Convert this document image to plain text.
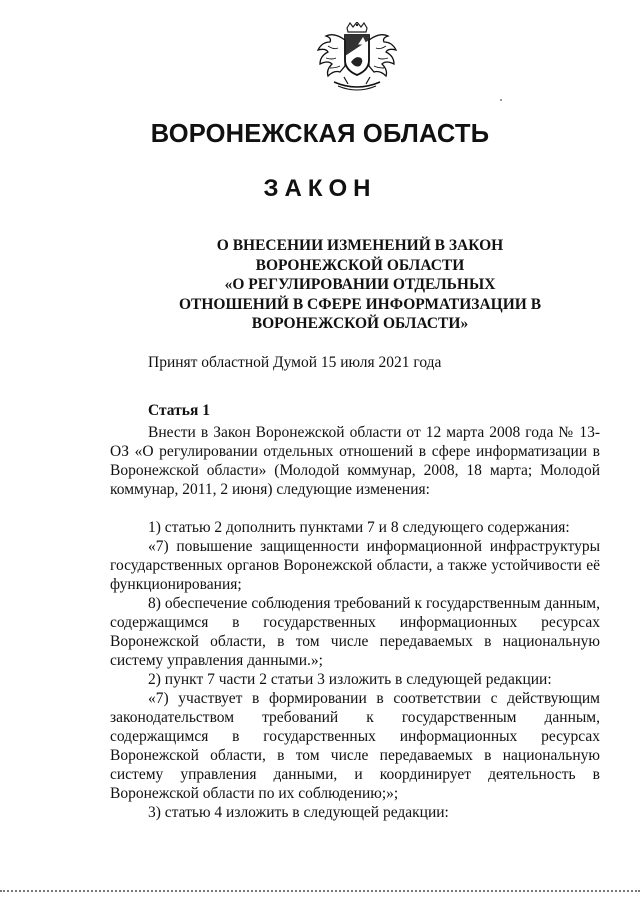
ВОРОНЕЖСКАЯ ОБЛАСТЬ
ЗАКОН
О ВНЕСЕНИИ ИЗМЕНЕНИЙ В ЗАКОН
ВОРОНЕЖСКОЙ ОБЛАСТИ
«О РЕГУЛИРОВАНИИ ОТДЕЛЬНЫХ
ОТНОШЕНИЙ В СФЕРЕ ИНФОРМАТИЗАЦИИ В
ВОРОНЕЖСКОЙ ОБЛАСТИ»
Принят областной Думой 15 июля 2021 года
Статья 1

Внести в Закон Воронежской области от 12 марта 2008 года № 13-ОЗ «О регулировании отдельных отношений в сфере информатизации в Воронежской области» (Молодой коммунар, 2008, 18 марта; Молодой коммунар, 2011, 2 июня) следующие изменения:

1) статью 2 дополнить пунктами 7 и 8 следующего содержания:

«7) повышение защищенности информационной инфраструктуры государственных органов Воронежской области, а также устойчивости её функционирования;

8) обеспечение соблюдения требований к государственным данным, содержащимся в государственных информационных ресурсах Воронежской области, в том числе передаваемых в национальную систему управления данными.»;

2) пункт 7 части 2 статьи 3 изложить в следующей редакции:

«7) участвует в формировании в соответствии с действующим законодательством требований к государственным данным, содержащимся в государственных информационных ресурсах Воронежской области, в том числе передаваемых в национальную систему управления данными, и координирует деятельность в Воронежской области по их соблюдению;»;

3) статью 4 изложить в следующей редакции:
